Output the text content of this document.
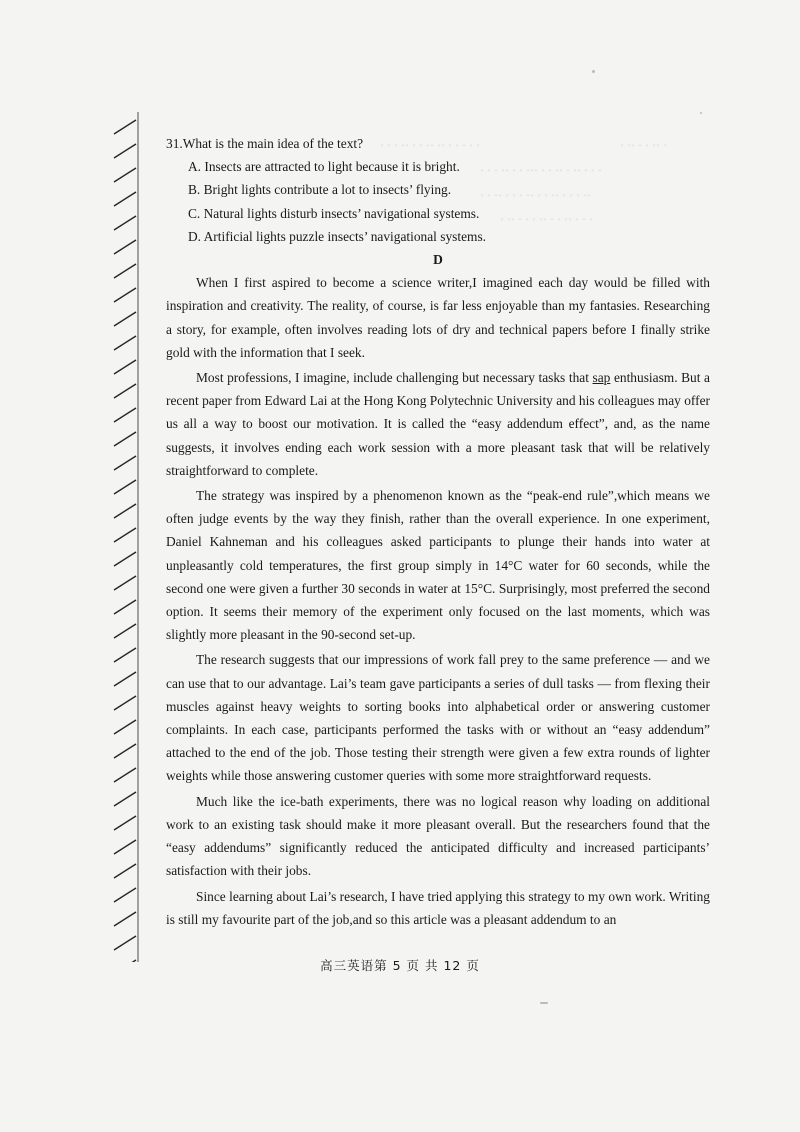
· · · ·· · · ·· ·· · · · · ·	· ·· · · ·· ·
· · · ·· · · ··· · · ·· · ·· · · ·
· · ·· · · · ·· · · ·· · · · ··
· ·· · · · ·· · · ·· · · ·

31.What is the main idea of the text?

A. Insects are attracted to light because it is bright.

B. Bright lights contribute a lot to insects’ flying.

C. Natural lights disturb insects’ navigational systems.

D. Artificial lights puzzle insects’ navigational systems.

D

When I first aspired to become a science writer,I imagined each day would be filled with inspiration and creativity. The reality, of course, is far less enjoyable than my fantasies. Researching a story, for example, often involves reading lots of dry and technical papers before I finally strike gold with the information that I seek.

Most professions, I imagine, include challenging but necessary tasks that sap enthusiasm. But a recent paper from Edward Lai at the Hong Kong Polytechnic University and his colleagues may offer us all a way to boost our motivation. It is called the “easy addendum effect”, and, as the name suggests, it involves ending each work session with a more pleasant task that will be relatively straightforward to complete.

The strategy was inspired by a phenomenon known as the “peak-end rule”,which means we often judge events by the way they finish, rather than the overall experience. In one experiment, Daniel Kahneman and his colleagues asked participants to plunge their hands into water at unpleasantly cold temperatures, the first group simply in 14°C water for 60 seconds, while the second one were given a further 30 seconds in water at 15°C. Surprisingly, most preferred the second option. It seems their memory of the experiment only focused on the last moments, which was slightly more pleasant in the 90-second set-up.

The research suggests that our impressions of work fall prey to the same preference — and we can use that to our advantage. Lai’s team gave participants a series of dull tasks — from flexing their muscles against heavy weights to sorting books into alphabetical order or answering customer complaints. In each case, participants performed the tasks with or without an “easy addendum” attached to the end of the job. Those testing their strength were given a few extra rounds of lighter weights while those answering customer queries with some more straightforward requests.

Much like the ice-bath experiments, there was no logical reason why loading on additional work to an existing task should make it more pleasant overall. But the researchers found that the “easy addendums” significantly reduced the anticipated difficulty and increased participants’ satisfaction with their jobs.

Since learning about Lai’s research, I have tried applying this strategy to my own work. Writing is still my favourite part of the job,and so this article was a pleasant addendum to an

高三英语第 5 页 共 12 页
